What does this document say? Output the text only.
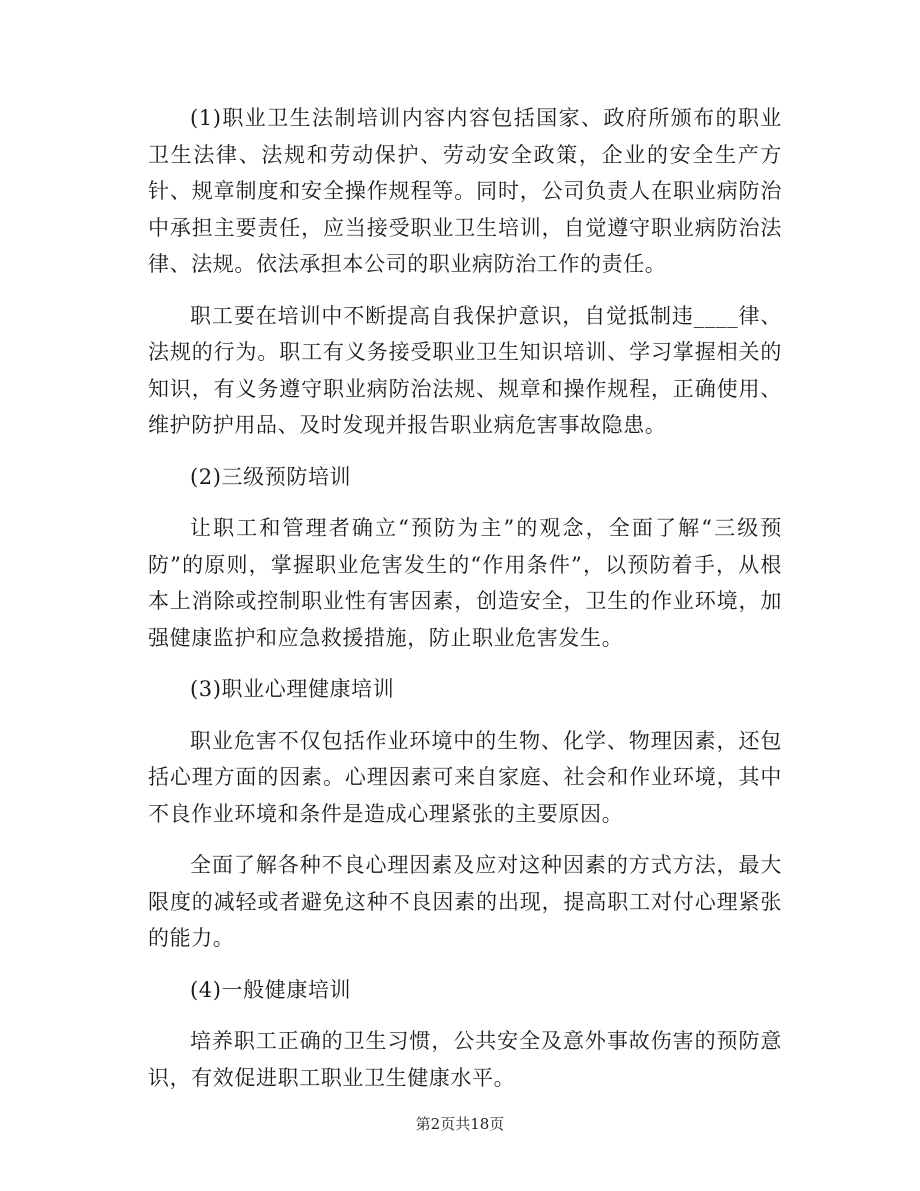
(1)职业卫生法制培训内容内容包括国家、政府所颁布的职业卫生法律、法规和劳动保护、劳动安全政策，企业的安全生产方针、规章制度和安全操作规程等。同时，公司负责人在职业病防治中承担主要责任，应当接受职业卫生培训，自觉遵守职业病防治法律、法规。依法承担本公司的职业病防治工作的责任。

职工要在培训中不断提高自我保护意识，自觉抵制违____律、法规的行为。职工有义务接受职业卫生知识培训、学习掌握相关的知识，有义务遵守职业病防治法规、规章和操作规程，正确使用、维护防护用品、及时发现并报告职业病危害事故隐患。

(2)三级预防培训

让职工和管理者确立“预防为主”的观念，全面了解“三级预防”的原则，掌握职业危害发生的“作用条件”，以预防着手，从根本上消除或控制职业性有害因素，创造安全，卫生的作业环境，加强健康监护和应急救援措施，防止职业危害发生。

(3)职业心理健康培训

职业危害不仅包括作业环境中的生物、化学、物理因素，还包括心理方面的因素。心理因素可来自家庭、社会和作业环境，其中不良作业环境和条件是造成心理紧张的主要原因。

全面了解各种不良心理因素及应对这种因素的方式方法，最大限度的减轻或者避免这种不良因素的出现，提高职工对付心理紧张的能力。

(4)一般健康培训

培养职工正确的卫生习惯，公共安全及意外事故伤害的预防意识，有效促进职工职业卫生健康水平。

第2页共18页
